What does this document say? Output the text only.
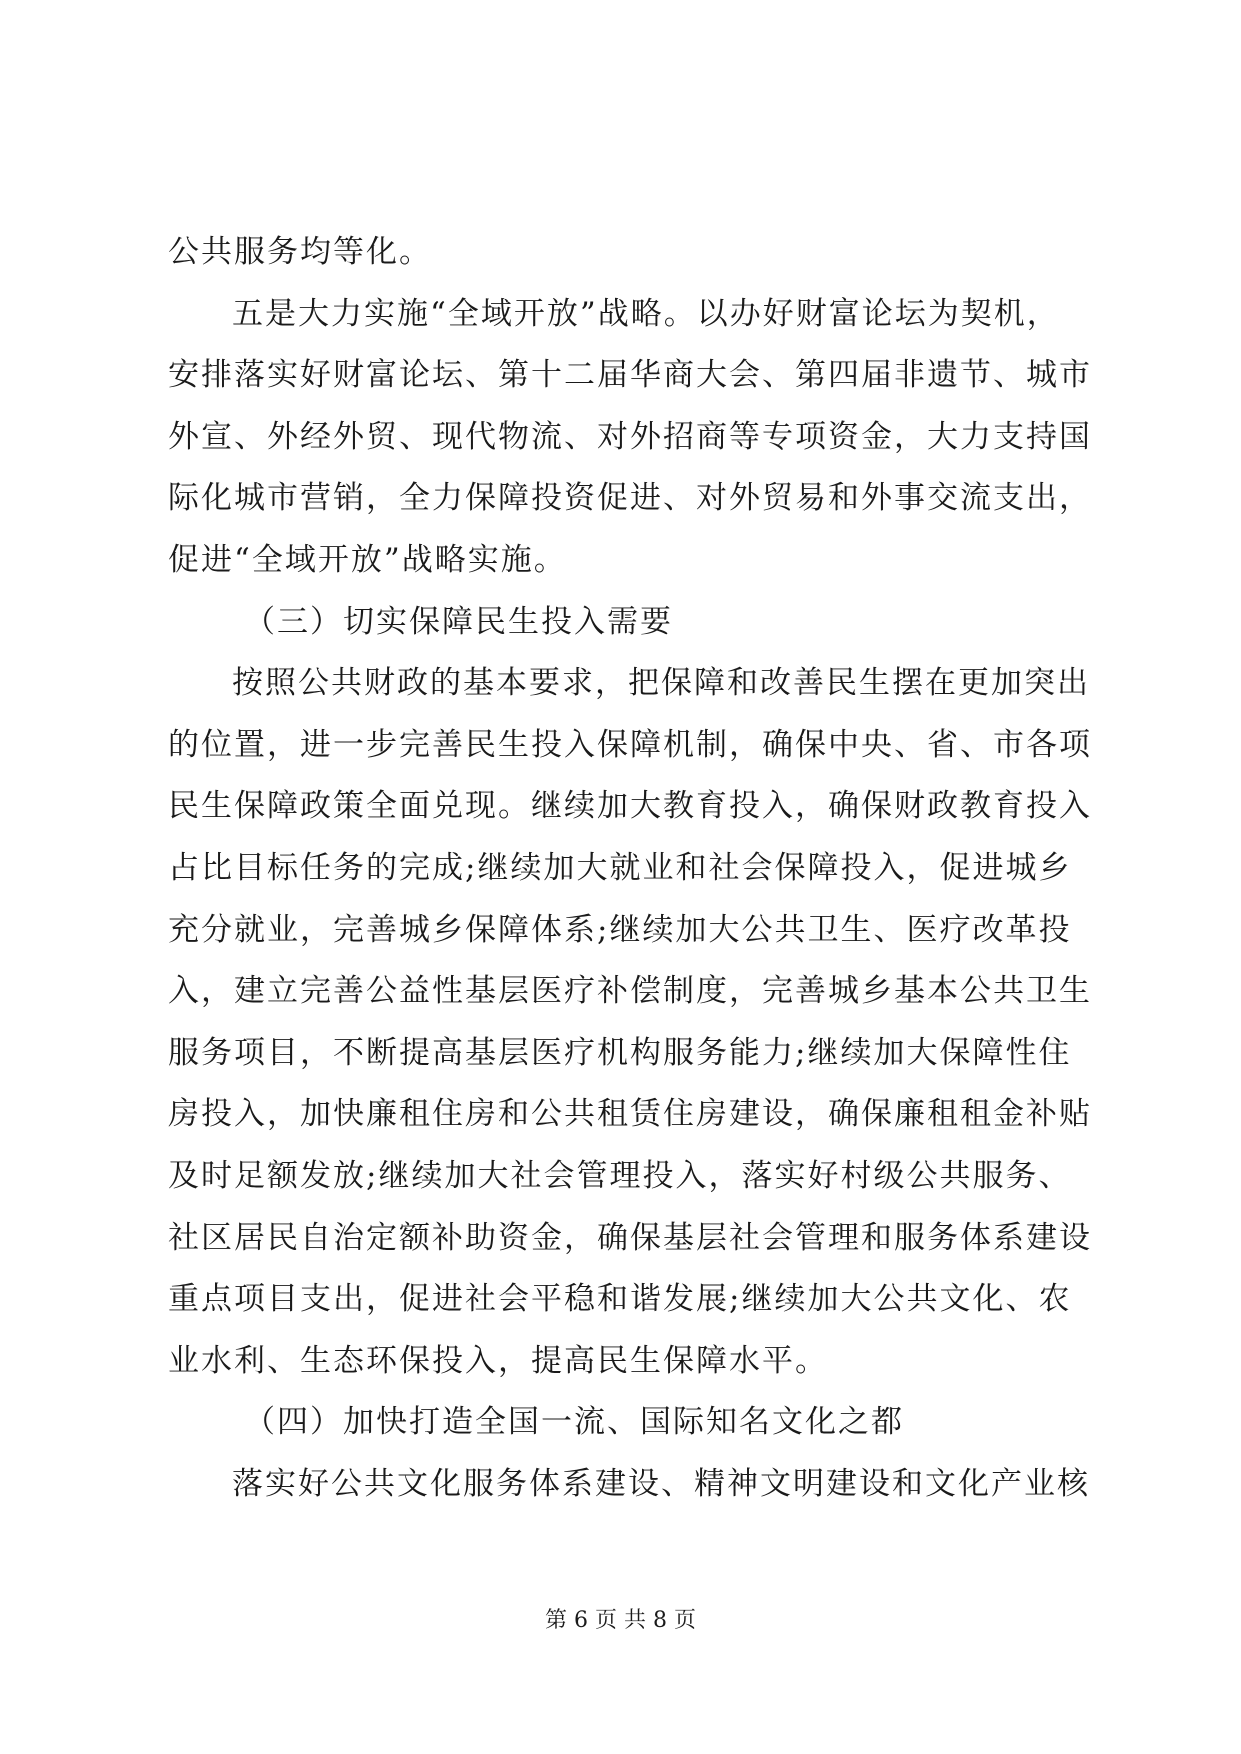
公共服务均等化。
五是大力实施“全域开放”战略。以办好财富论坛为契机，
安排落实好财富论坛、第十二届华商大会、第四届非遗节、城市
外宣、外经外贸、现代物流、对外招商等专项资金，大力支持国
际化城市营销，全力保障投资促进、对外贸易和外事交流支出，
促进“全域开放”战略实施。
（三）切实保障民生投入需要
按照公共财政的基本要求，把保障和改善民生摆在更加突出
的位置，进一步完善民生投入保障机制，确保中央、省、市各项
民生保障政策全面兑现。继续加大教育投入，确保财政教育投入
占比目标任务的完成;继续加大就业和社会保障投入，促进城乡
充分就业，完善城乡保障体系;继续加大公共卫生、医疗改革投
入，建立完善公益性基层医疗补偿制度，完善城乡基本公共卫生
服务项目，不断提高基层医疗机构服务能力;继续加大保障性住
房投入，加快廉租住房和公共租赁住房建设，确保廉租租金补贴
及时足额发放;继续加大社会管理投入，落实好村级公共服务、
社区居民自治定额补助资金，确保基层社会管理和服务体系建设
重点项目支出，促进社会平稳和谐发展;继续加大公共文化、农
业水利、生态环保投入，提高民生保障水平。
（四）加快打造全国一流、国际知名文化之都
落实好公共文化服务体系建设、精神文明建设和文化产业核
第 6 页 共 8 页
